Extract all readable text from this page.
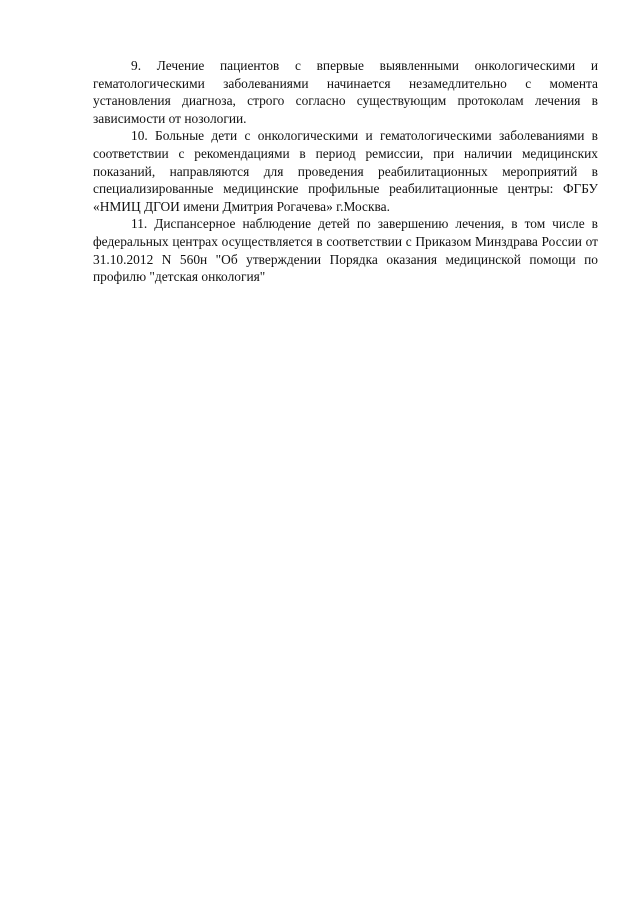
9. Лечение пациентов с впервые выявленными онкологическими и гематологическими заболеваниями начинается незамедлительно с момента установления диагноза, строго согласно существующим протоколам лечения в зависимости от нозологии.

10. Больные дети с онкологическими и гематологическими заболеваниями в соответствии с рекомендациями в период ремиссии, при наличии медицинских показаний, направляются для проведения реабилитационных мероприятий в специализированные медицинские профильные реабилитационные центры: ФГБУ «НМИЦ ДГОИ имени Дмитрия Рогачева» г.Москва.

11. Диспансерное наблюдение детей по завершению лечения, в том числе в федеральных центрах осуществляется в соответствии с Приказом Минздрава России от 31.10.2012 N 560н "Об утверждении Порядка оказания медицинской помощи по профилю "детская онкология"
